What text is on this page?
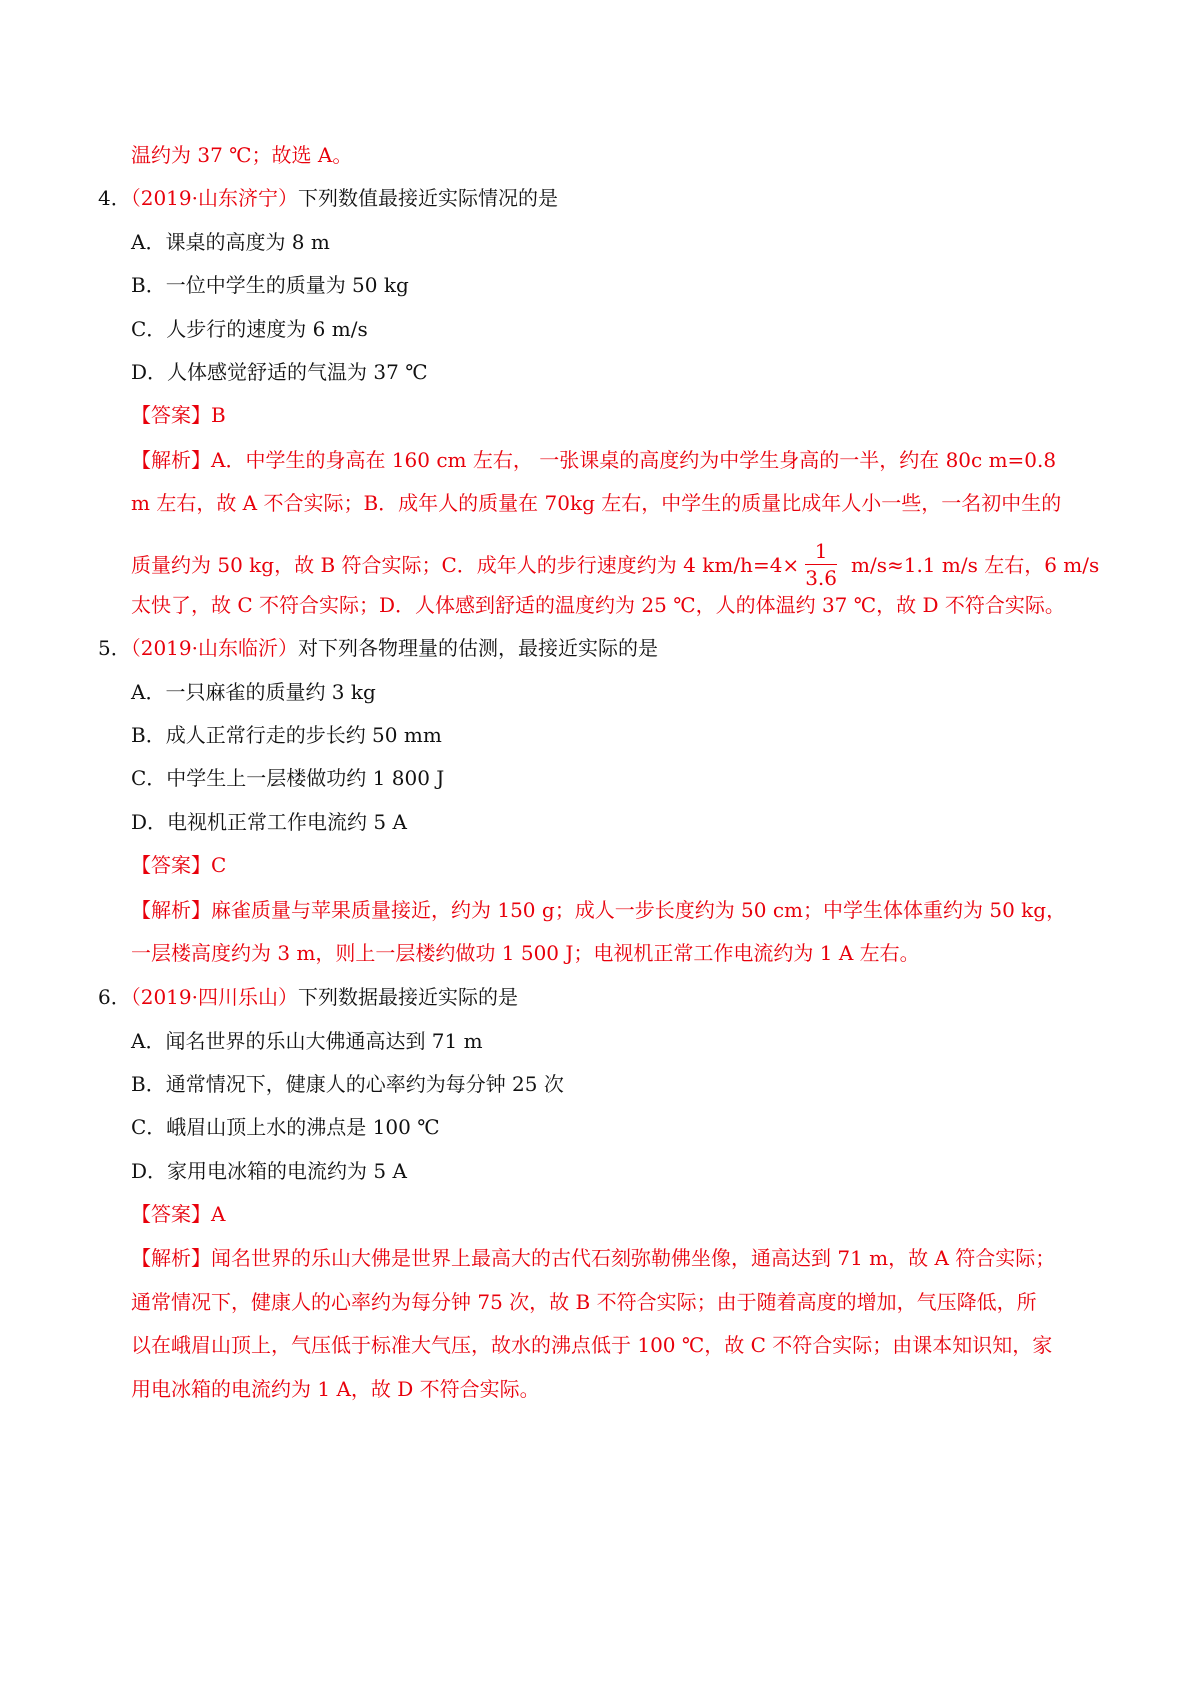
温约为 37 ℃；故选 A。
4．（2019·山东济宁）下列数值最接近实际情况的是
A．课桌的高度为 8 m
B．一位中学生的质量为 50 kg
C．人步行的速度为 6 m/s
D．人体感觉舒适的气温为 37 ℃
【答案】B
【解析】A．中学生的身高在 160 cm 左右， 一张课桌的高度约为中学生身高的一半，约在 80c m=0.8
m 左右，故 A 不合实际；B．成年人的质量在 70kg 左右，中学生的质量比成年人小一些，一名初中生的
质量约为 50 kg，故 B 符合实际；C．成年人的步行速度约为 4 $km/h=4\times \frac{1}{3.6} m/s\approx 1.1$ m/s 左右，6 m/s
太快了，故 C 不符合实际；D．人体感到舒适的温度约为 25 ℃，人的体温约 37 ℃，故 D 不符合实际。
5．（2019·山东临沂）对下列各物理量的估测，最接近实际的是
A．一只麻雀的质量约 3 kg
B．成人正常行走的步长约 50 mm
C．中学生上一层楼做功约 1 800 J
D．电视机正常工作电流约 5 A
【答案】C
【解析】麻雀质量与苹果质量接近，约为 150 g；成人一步长度约为 50 cm；中学生体体重约为 50 kg，
一层楼高度约为 3 m，则上一层楼约做功 1 500 J；电视机正常工作电流约为 1 A 左右。
6．（2019·四川乐山）下列数据最接近实际的是
A．闻名世界的乐山大佛通高达到 71 m
B．通常情况下，健康人的心率约为每分钟 25 次
C．峨眉山顶上水的沸点是 100 ℃
D．家用电冰箱的电流约为 5 A
【答案】A
【解析】闻名世界的乐山大佛是世界上最高大的古代石刻弥勒佛坐像，通高达到 71 m，故 A 符合实际；
通常情况下，健康人的心率约为每分钟 75 次，故 B 不符合实际；由于随着高度的增加，气压降低，所
以在峨眉山顶上，气压低于标准大气压，故水的沸点低于 100 ℃，故 C 不符合实际；由课本知识知，家
用电冰箱的电流约为 1 A，故 D 不符合实际。
